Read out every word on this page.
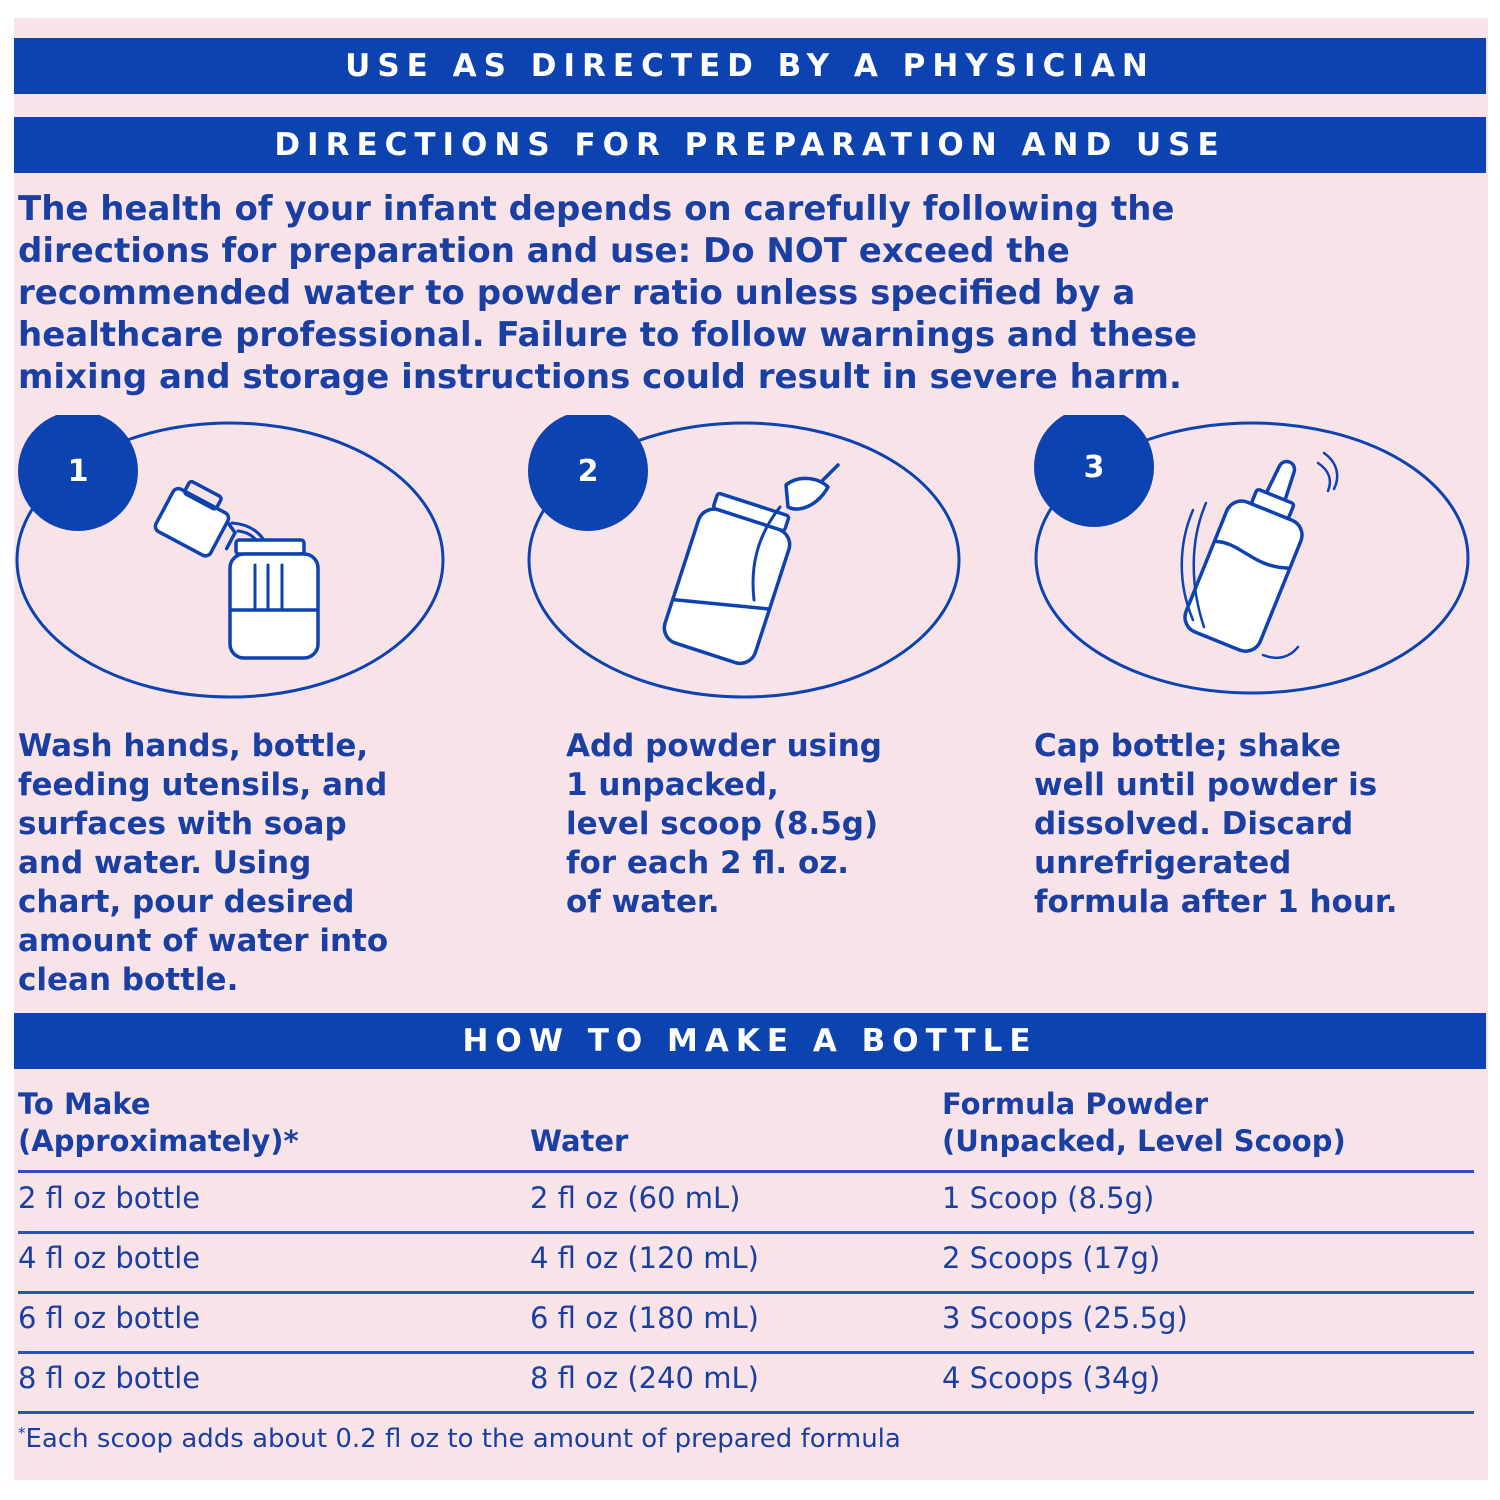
USE AS DIRECTED BY A PHYSICIAN
DIRECTIONS FOR PREPARATION AND USE
The health of your infant depends on carefully following the
directions for preparation and use: Do NOT exceed the
recommended water to powder ratio unless specified by a
healthcare professional. Failure to follow warnings and these
mixing and storage instructions could result in severe harm.
1	2	3
Wash hands, bottle,
feeding utensils, and
surfaces with soap
and water. Using
chart, pour desired
amount of water into
clean bottle.
Add powder using
1 unpacked,
level scoop (8.5g)
for each 2 fl. oz.
of water.
Cap bottle; shake
well until powder is
dissolved. Discard
unrefrigerated
formula after 1 hour.
HOW TO MAKE A BOTTLE
To Make
(Approximately)*	Water
Formula Powder
(Unpacked, Level Scoop)
2 fl oz bottle	2 fl oz (60 mL)	1 Scoop (8.5g)
4 fl oz bottle	4 fl oz (120 mL)	2 Scoops (17g)
6 fl oz bottle	6 fl oz (180 mL)	3 Scoops (25.5g)
8 fl oz bottle	8 fl oz (240 mL)	4 Scoops (34g)
*Each scoop adds about 0.2 fl oz to the amount of prepared formula
